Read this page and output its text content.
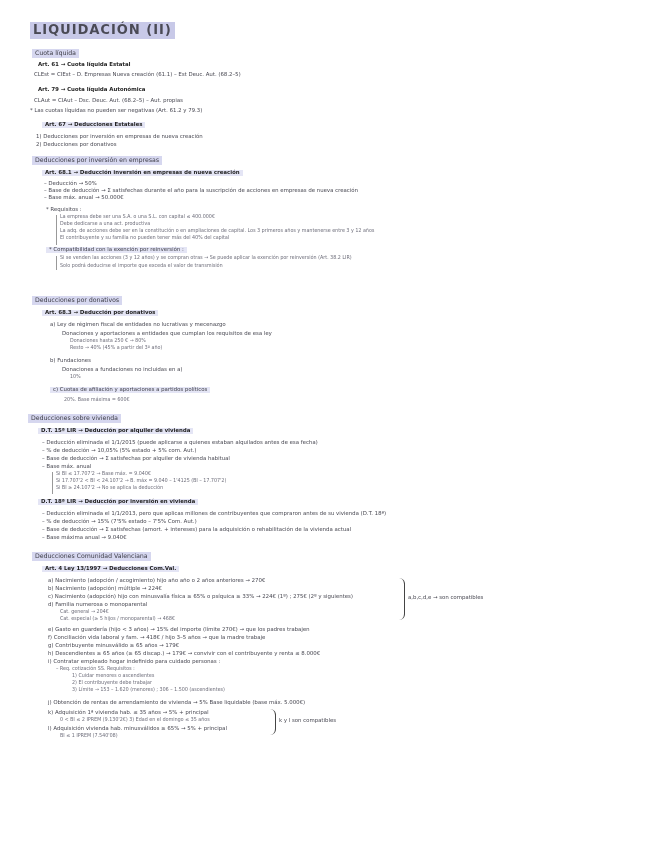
LIQUIDACIÓN (II)
Cuota líquida
Art. 61 → Cuota líquida Estatal
CLEst = CIEst – D. Empresas Nueva creación (61.1) – Est Deuc. Aut. (68.2–5)
Art. 79 → Cuota líquida Autonómica
CLAut = CIAut – Dsc. Deuc. Aut. (68.2–5) – Aut. propias
* Las cuotas líquidas no pueden ser negativas (Art. 61.2 y 79.3)
Art. 67 → Deducciones Estatales
1) Deducciones por inversión en empresas de nueva creación
2) Deducciones por donativos
Deducciones por inversión en empresas
Art. 68.1 → Deducción inversión en empresas de nueva creación
– Deducción → 50%
– Base de deducción → Σ satisfechas durante el año para la suscripción de acciones en empresas de nueva creación
– Base máx. anual → 50.000€
* Requisitos :
La empresa debe ser una S.A. o una S.L. con capital ≤ 400.000€
Debe dedicarse a una act. productiva
La adq. de acciones debe ser en la constitución o en ampliaciones de capital. Los 3 primeros años y mantenerse entre 3 y 12 años
El contribuyente y su familia no pueden tener más del 40% del capital
* Compatibilidad con la exención por reinversión :
Si se venden las acciones (3 y 12 años) y se compran otras → Se puede aplicar la exención por reinversión (Art. 38.2 LIR)
Solo podrá deducirse el importe que exceda el valor de transmisión
Deducciones por donativos
Art. 68.3 → Deducción por donativos
a) Ley de régimen fiscal de entidades no lucrativas y mecenazgo
Donaciones y aportaciones a entidades que cumplan los requisitos de esa ley
Donaciones hasta 250 € → 80%
Resto → 40% (45% a partir del 3º año)
b) Fundaciones
Donaciones a fundaciones no incluidas en a)
10%
c) Cuotas de afiliación y aportaciones a partidos políticos
20%. Base máxima = 600€
Deducciones sobre vivienda
D.T. 15ª LIR → Deducción por alquiler de vivienda
– Deducción eliminada el 1/1/2015 (puede aplicarse a quienes estaban alquilados antes de esa fecha)
– % de deducción → 10,05% (5% estado + 5% com. Aut.)
– Base de deducción → Σ satisfechas por alquiler de vivienda habitual
– Base máx. anual
Si BI ≤ 17.707'2 → Base máx. = 9.040€
Si 17.707'2 < BI < 24.107'2 → B. máx = 9.040 – 1'4125 (BI – 17.707'2)
Si BI ≥ 24.107'2 → No se aplica la deducción
D.T. 18ª LIR → Deducción por inversión en vivienda
– Deducción eliminada el 1/1/2013, pero que aplicas millones de contribuyentes que compraron antes de su vivienda (D.T. 18ª)
– % de deducción → 15% (7'5% estado – 7'5% Com. Aut.)
– Base de deducción → Σ satisfechas (amort. + intereses) para la adquisición o rehabilitación de la vivienda actual
– Base máxima anual → 9.040€
Deducciones Comunidad Valenciana
Art. 4 Ley 13/1997 → Deducciones Com.Val.
a) Nacimiento (adopción / acogimiento) hijo año año o 2 años anteriores → 270€
b) Nacimiento (adopción) múltiple → 224€
c) Nacimiento (adopción) hijo con minusvalía física ≥ 65% o psíquica ≥ 33% → 224€ (1º) ; 275€ (2º y siguientes)
d) Familia numerosa o monoparental
Cat. general → 204€
Cat. especial (≥ 5 hijos / monoparental) → 468€
a,b,c,d,e → son compatibles
e) Gasto en guardería (hijo < 3 años) → 15% del importe (límite 270€) → que los padres trabajen
f) Conciliación vida laboral y fam. → 418€ / hijo 3–5 años → que la madre trabaje
g) Contribuyente minusválido ≥ 65 años → 179€
h) Descendientes ≥ 65 años (≥ 65 discap.) → 179€ → convivir con el contribuyente y renta ≤ 8.000€
i) Contratar empleado hogar indefinido para cuidado personas :
– Req. cotización SS. Requisitos :
1) Cuidar menores o ascendientes
2) El contribuyente debe trabajar
3) Límite → 153 – 1.620 (menores) ; 306 – 1.500 (ascendientes)
j) Obtención de rentas de arrendamiento de vivienda → 5% Base liquidable (base máx. 5.000€)
k) Adquisición 1ª vivienda hab. ≤ 35 años → 5% + principal
0 < BI ≤ 2 IPREM (9.130'2€) 3) Edad en el domingo ≤ 35 años
l) Adquisición vivienda hab. minusválidos ≥ 65% → 5% + principal
BI ≤ 1 IPREM (7.540'08)
k y l son compatibles
